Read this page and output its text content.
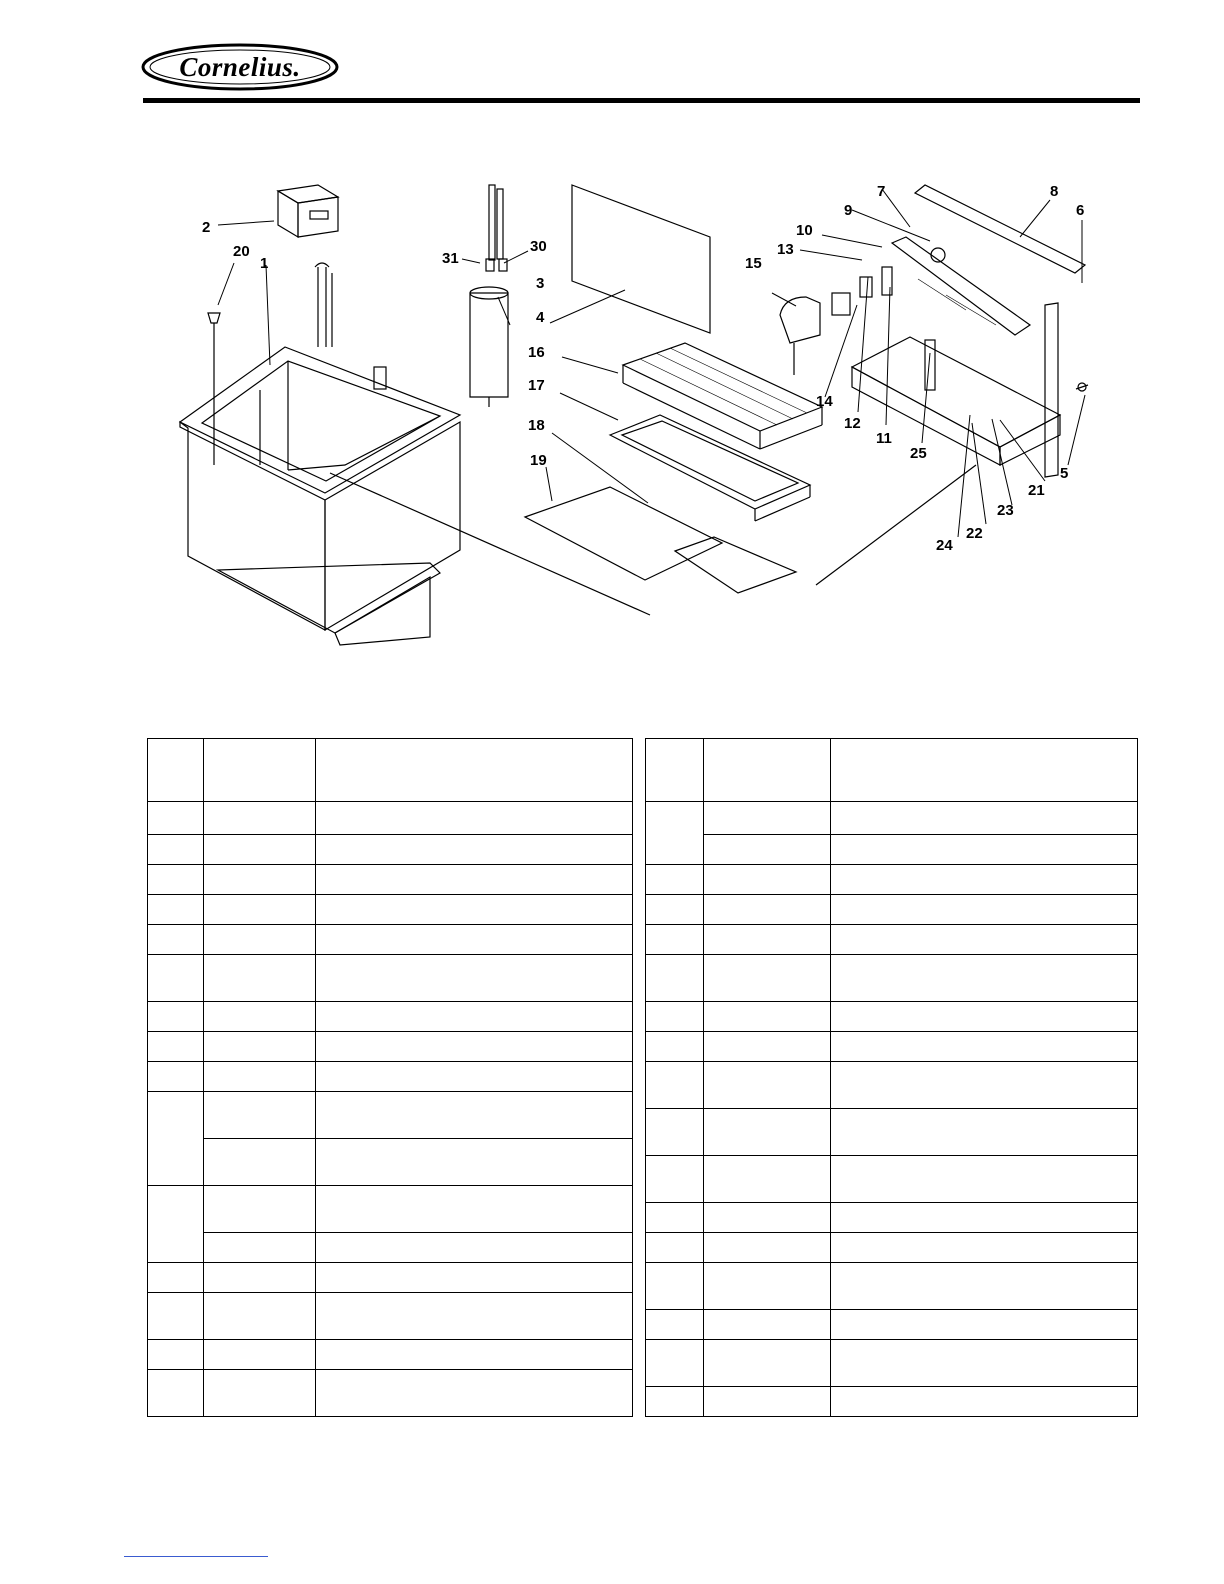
Cornelius.
2
20
1	31
30
3
4
16
17
18
19
15
13
10
9
7	8
6
14
12
11
25
5
21
23
22
24
